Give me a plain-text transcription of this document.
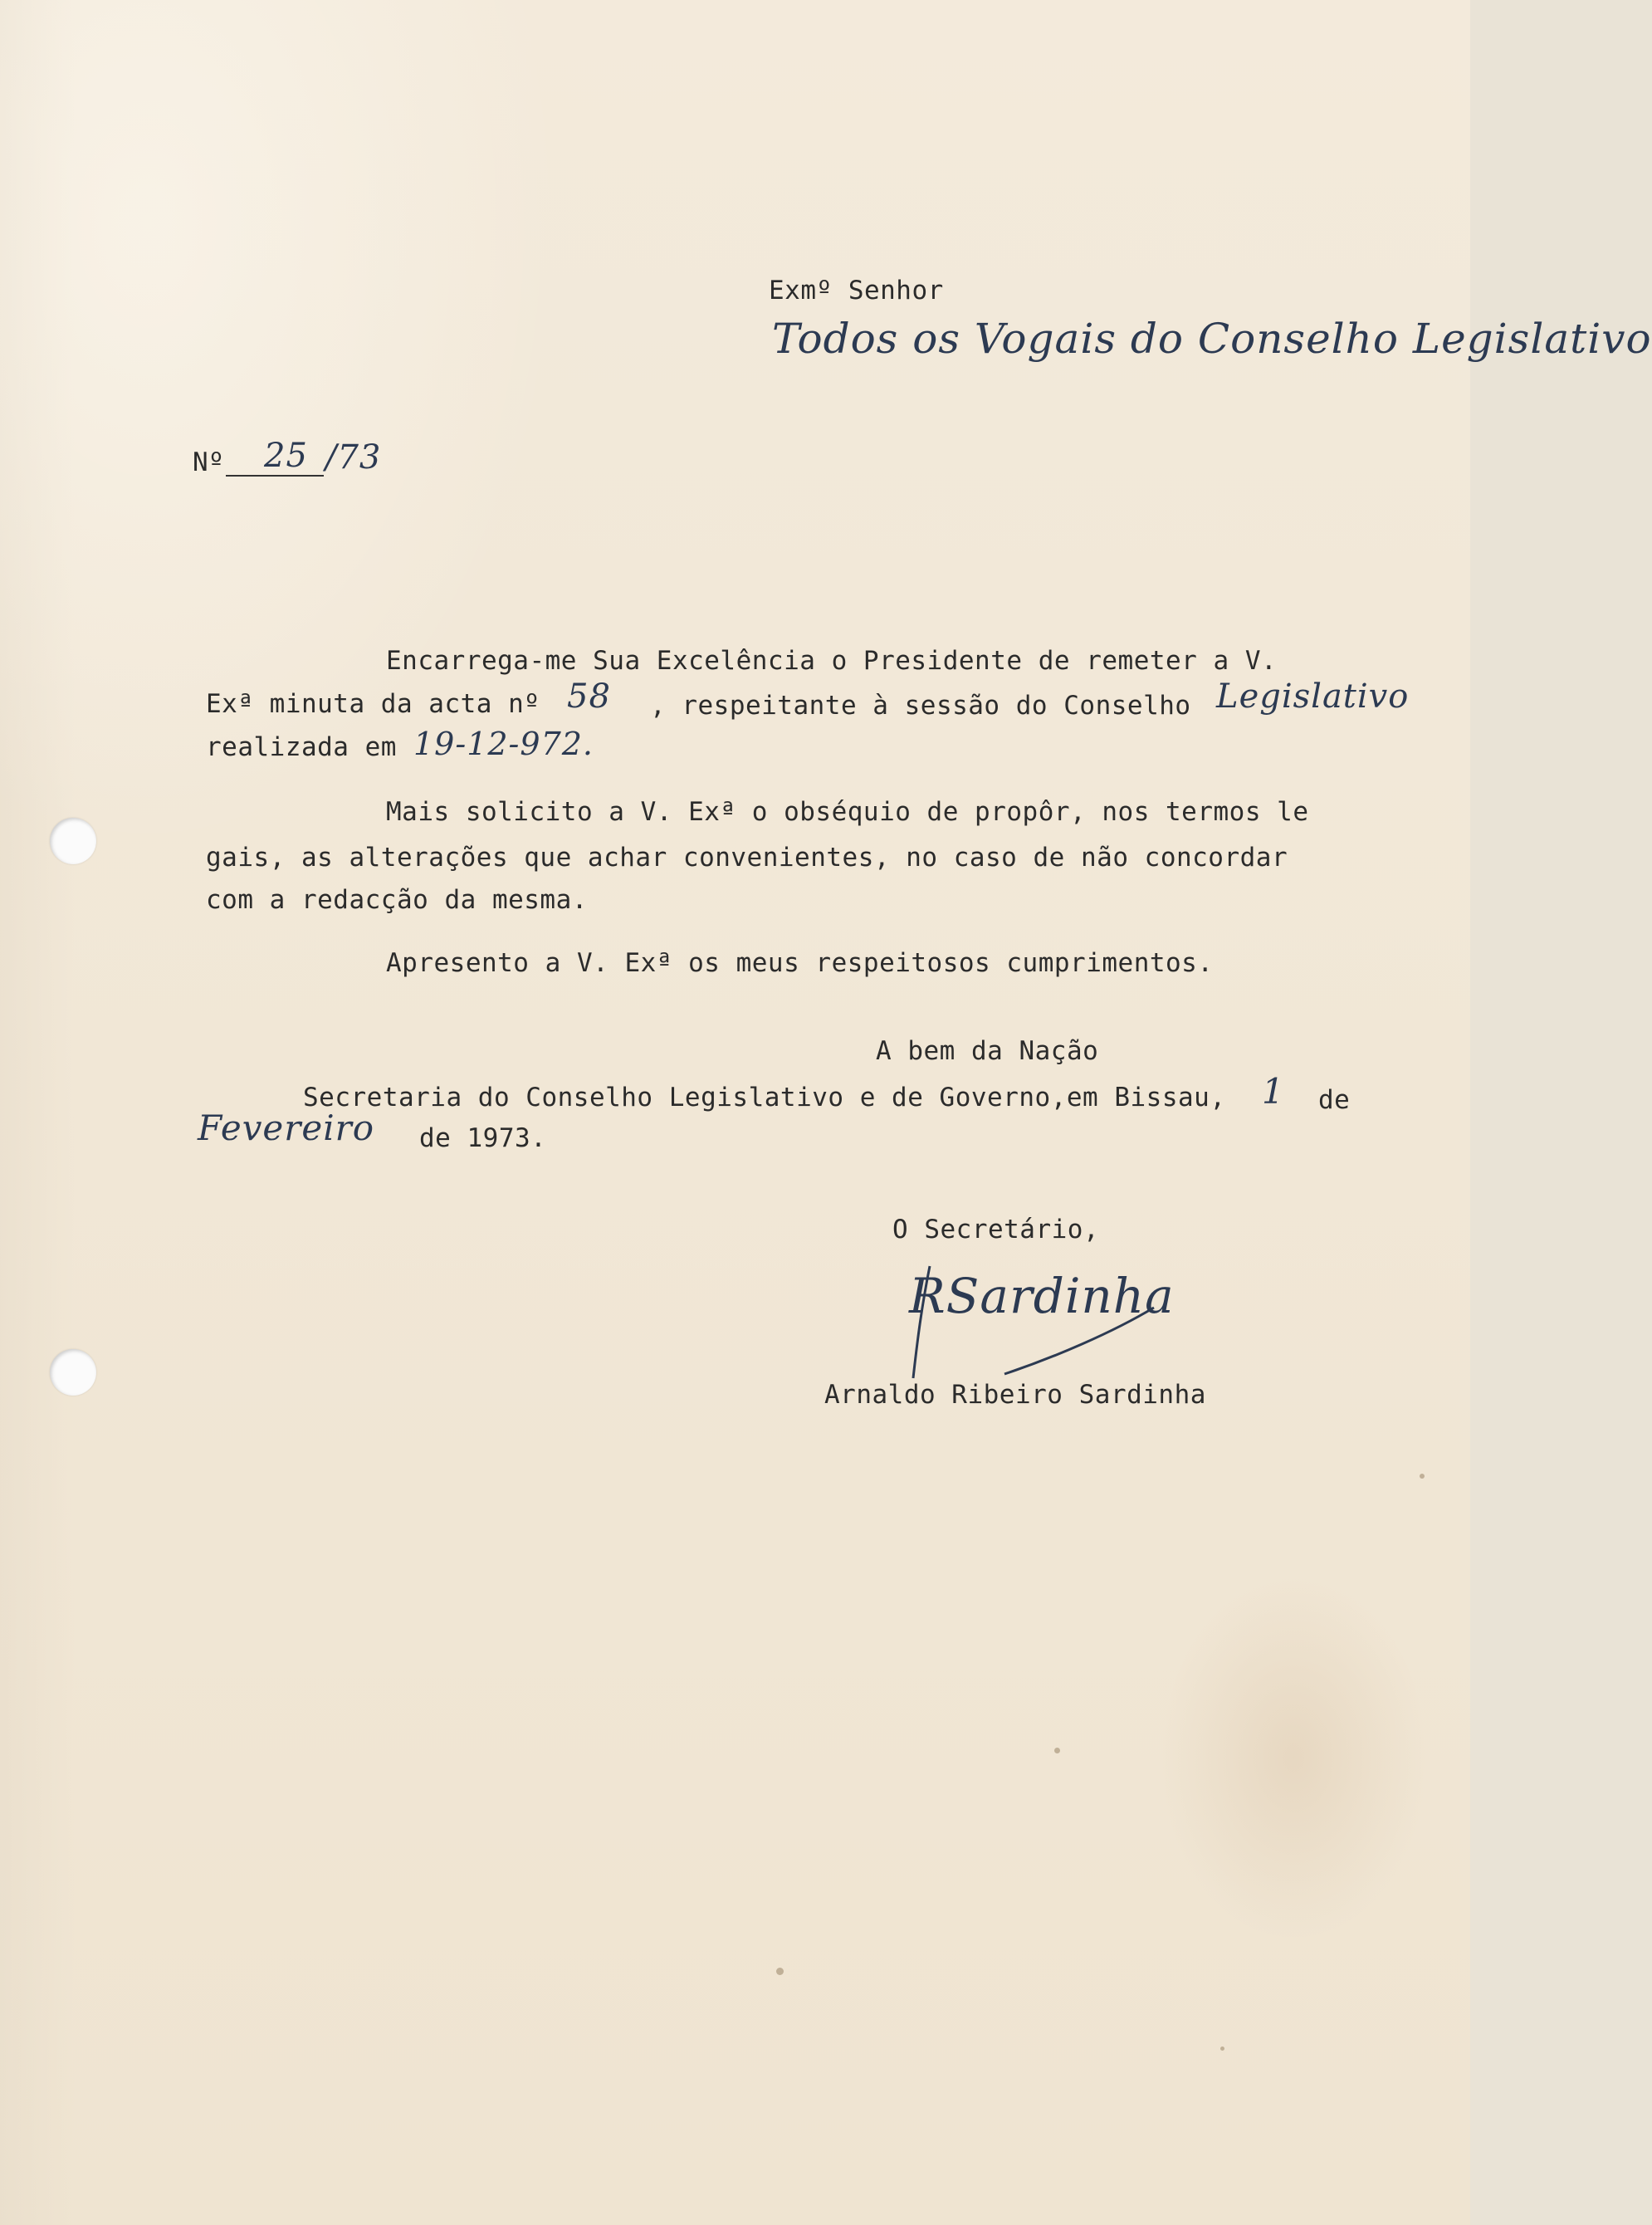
Exmº Senhor
Todos os Vogais do Conselho Legislativo
Nº 25 /73
Encarrega-me Sua Excelência o Presidente de remeter a V.
Exª minuta da acta nº 58 , respeitante à sessão do Conselho Legislativo
realizada em 19-12-972.
Mais solicito a V. Exª o obséquio de propôr, nos termos le
gais, as alterações que achar convenientes, no caso de não concordar
com a redacção da mesma.
Apresento a V. Exª os meus respeitosos cumprimentos.
A bem da Nação
Secretaria do Conselho Legislativo e de Governo,em Bissau, 1 de
Fevereiro de 1973.
O Secretário,
RSardinha
Arnaldo Ribeiro Sardinha
